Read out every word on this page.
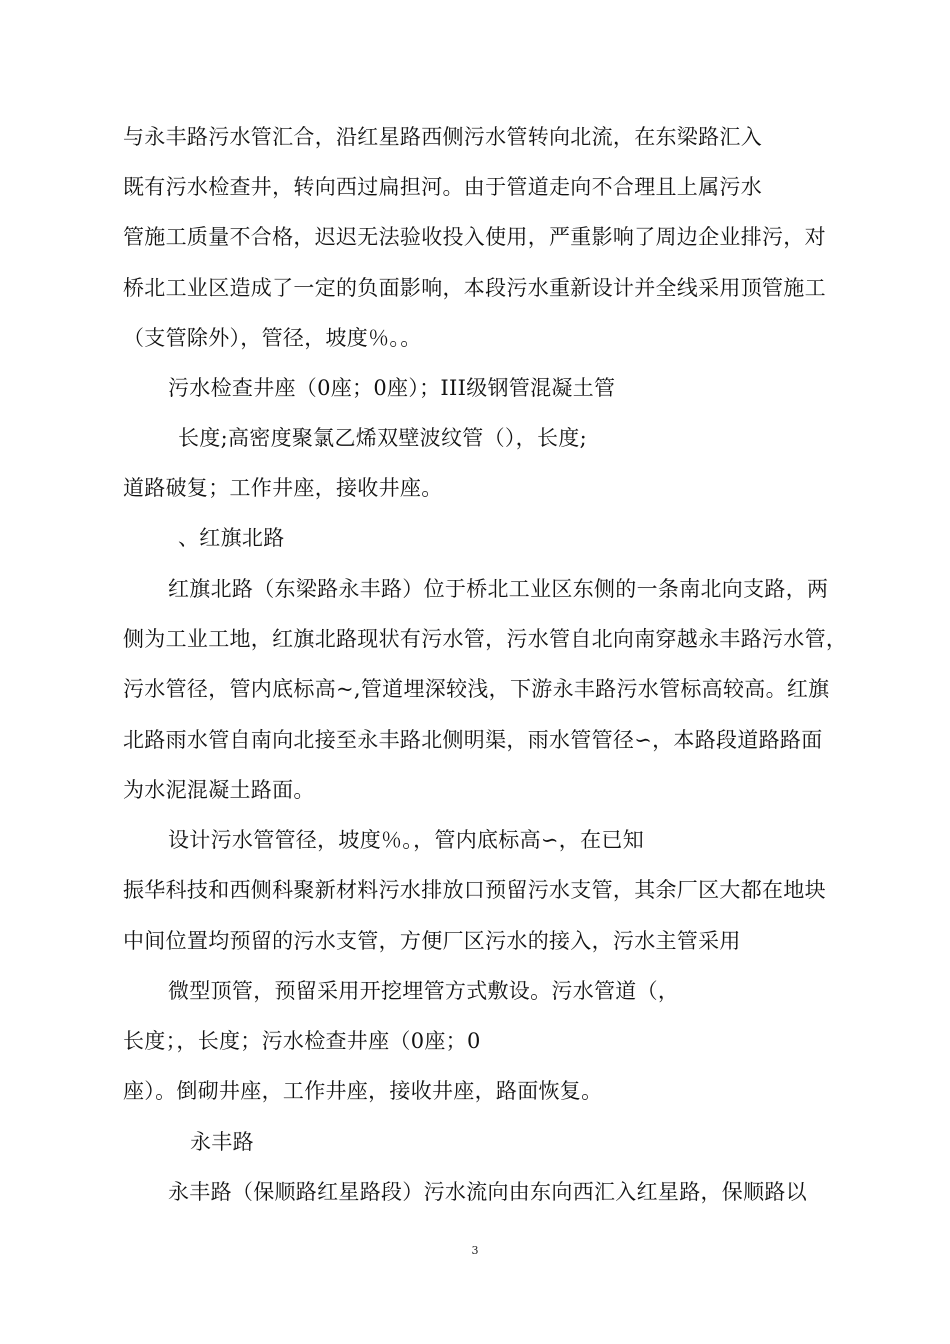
与永丰路污水管汇合，沿红星路西侧污水管转向北流，在东梁路汇入
既有污水检查井，转向西过扁担河。由于管道走向不合理且上属污水
管施工质量不合格，迟迟无法验收投入使用，严重影响了周边企业排污，对
桥北工业区造成了一定的负面影响，本段污水重新设计并全线采用顶管施工
（支管除外），管径，坡度％。。
污水检查井座（0座；0座）；III级钢管混凝土管
长度;高密度聚氯乙烯双壁波纹管（），长度;
道路破复；工作井座，接收井座。
、红旗北路
红旗北路（东梁路永丰路）位于桥北工业区东侧的一条南北向支路，两
侧为工业工地，红旗北路现状有污水管，污水管自北向南穿越永丰路污水管，
污水管径，管内底标高~,管道埋深较浅，下游永丰路污水管标高较高。红旗
北路雨水管自南向北接至永丰路北侧明渠，雨水管管径∽，本路段道路路面
为水泥混凝土路面。
设计污水管管径，坡度％。，管内底标高∽，在已知
振华科技和西侧科聚新材料污水排放口预留污水支管，其余厂区大都在地块
中间位置均预留的污水支管，方便厂区污水的接入，污水主管采用
微型顶管，预留采用开挖埋管方式敷设。污水管道（，
长度；，长度；污水检查井座（0座；0
座）。倒砌井座，工作井座，接收井座，路面恢复。
永丰路
永丰路（保顺路红星路段）污水流向由东向西汇入红星路，保顺路以
3
